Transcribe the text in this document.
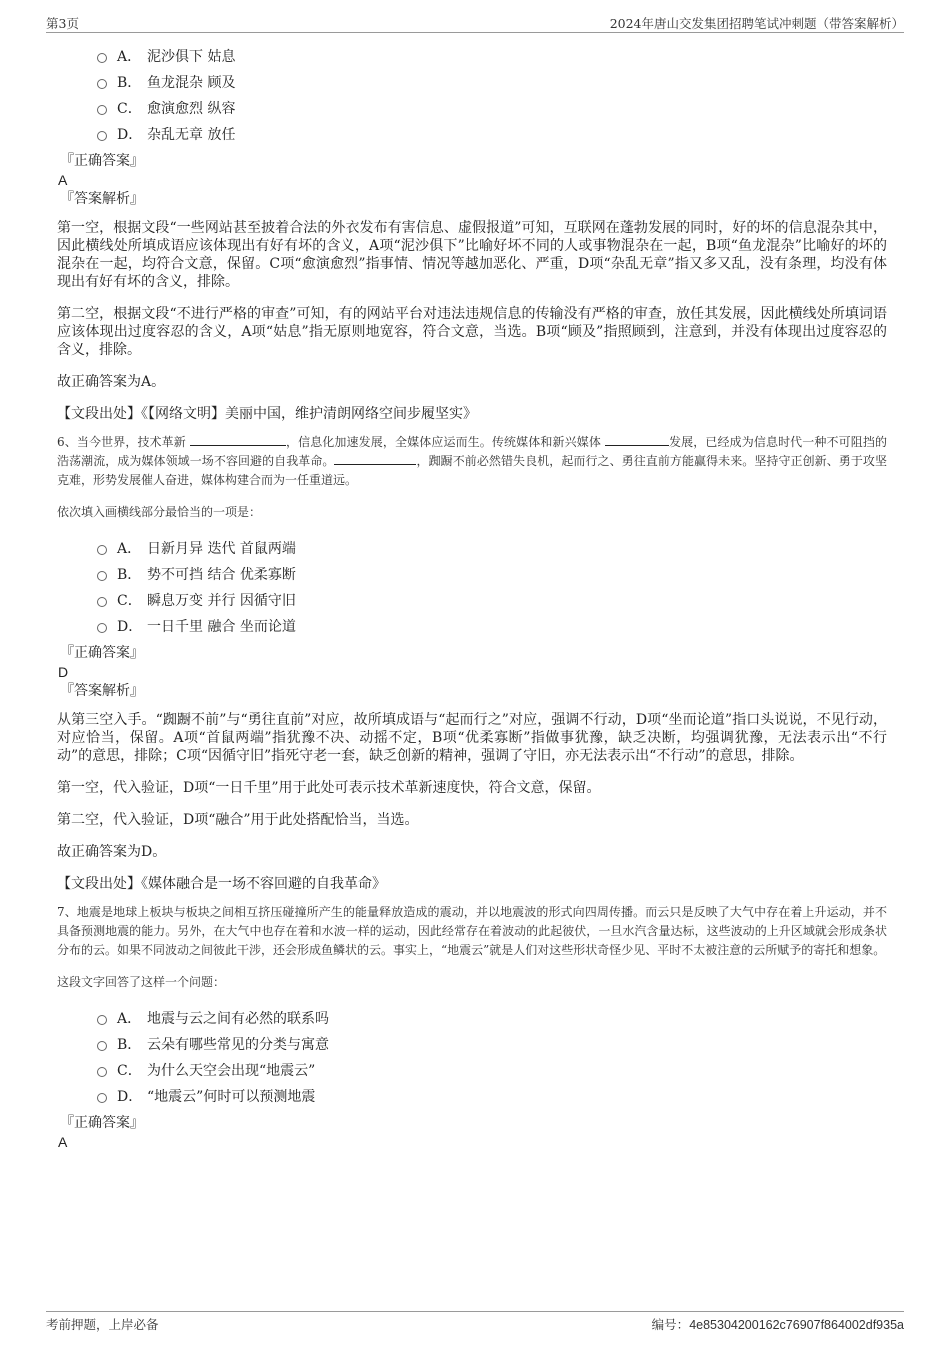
第3页	2024年唐山交发集团招聘笔试冲刺题（带答案解析）
A． 泥沙俱下 姑息
B． 鱼龙混杂 顾及
C． 愈演愈烈 纵容
D． 杂乱无章 放任
『正确答案』
A
『答案解析』

第一空，根据文段“一些网站甚至披着合法的外衣发布有害信息、虚假报道”可知，互联网在蓬勃发展的同时，好的坏的信息混杂其中，因此横线处所填成语应该体现出有好有坏的含义，A项“泥沙俱下”比喻好坏不同的人或事物混杂在一起，B项“鱼龙混杂”比喻好的坏的混杂在一起，均符合文意，保留。C项“愈演愈烈”指事情、情况等越加恶化、严重，D项“杂乱无章”指又多又乱，没有条理，均没有体现出有好有坏的含义，排除。

第二空，根据文段“不进行严格的审查”可知，有的网站平台对违法违规信息的传输没有严格的审查，放任其发展，因此横线处所填词语应该体现出过度容忍的含义，A项“姑息”指无原则地宽容，符合文意，当选。B项“顾及”指照顾到，注意到，并没有体现出过度容忍的含义，排除。

故正确答案为A。

【文段出处】《【网络文明】美丽中国，维护清朗网络空间步履坚实》

6、当今世界，技术革新	，信息化加速发展，全媒体应运而生。传统媒体和新兴媒体	发展，已经成为信息时代一种不可阻挡的浩荡潮流，成为媒体领域一场不容回避的自我革命。	，踟蹰不前必然错失良机，起而行之、勇往直前方能赢得未来。坚持守正创新、勇于攻坚克难，形势发展催人奋进，媒体构建合而为一任重道远。

依次填入画横线部分最恰当的一项是：

A． 日新月异 迭代 首鼠两端
B． 势不可挡 结合 优柔寡断
C． 瞬息万变 并行 因循守旧
D． 一日千里 融合 坐而论道
『正确答案』
D
『答案解析』

从第三空入手。“踟蹰不前”与“勇往直前”对应，故所填成语与“起而行之”对应，强调不行动，D项“坐而论道”指口头说说，不见行动，对应恰当，保留。A项“首鼠两端”指犹豫不决、动摇不定，B项“优柔寡断”指做事犹豫，缺乏决断，均强调犹豫，无法表示出“不行动”的意思，排除；C项“因循守旧”指死守老一套，缺乏创新的精神，强调了守旧，亦无法表示出“不行动”的意思，排除。

第一空，代入验证，D项“一日千里”用于此处可表示技术革新速度快，符合文意，保留。

第二空，代入验证，D项“融合”用于此处搭配恰当，当选。

故正确答案为D。

【文段出处】《媒体融合是一场不容回避的自我革命》

7、地震是地球上板块与板块之间相互挤压碰撞所产生的能量释放造成的震动，并以地震波的形式向四周传播。而云只是反映了大气中存在着上升运动，并不具备预测地震的能力。另外，在大气中也存在着和水波一样的运动，因此经常存在着波动的此起彼伏，一旦水汽含量达标，这些波动的上升区域就会形成条状分布的云。如果不同波动之间彼此干涉，还会形成鱼鳞状的云。事实上，“地震云”就是人们对这些形状奇怪少见、平时不太被注意的云所赋予的寄托和想象。

这段文字回答了这样一个问题：

A． 地震与云之间有必然的联系吗
B． 云朵有哪些常见的分类与寓意
C． 为什么天空会出现“地震云”
D． “地震云”何时可以预测地震
『正确答案』
A
考前押题，上岸必备	编号：4e85304200162c76907f864002df935a
